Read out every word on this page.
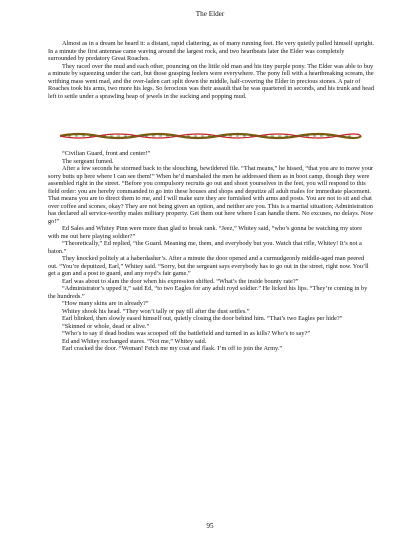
The Elder

Almost as in a dream he heard it: a distant, rapid clattering, as of many running feet. He very quietly pulled himself upright. In a minute the first antennae came waving around the largest rock, and two heartbeats later the Elder was completely surrounded by predatory Great Roaches.

They raced over the mud and each other, pouncing on the little old man and his tiny purple pony. The Elder was able to buy a minute by squeezing under the cart, but those grasping feelers were everywhere. The pony fell with a heartbreaking scream, the writhing mass went mad, and the over-laden cart split down the middle, half-covering the Elder in precious stones. A pair of Roaches took his arms, two more his legs. So ferocious was their assault that he was quartered in seconds, and his trunk and head left to settle under a sprawling heap of jewels in the sucking and popping mud.

“Civilian Guard, front and center!”

The sergeant fumed.

After a few seconds he stormed back to the slouching, bewildered file. “That means,” he hissed, “that you are to move your sorry butts up here where I can see them!” When he’d marshaled the men he addressed them as in boot camp, though they were assembled right in the street. “Before you compulsory recruits go out and shoot yourselves in the feet, you will respond to this field order: you are hereby commanded to go into these houses and shops and deputize all adult males for immediate placement. That means you are to direct them to me, and I will make sure they are furnished with arms and posts. You are not to sit and chat over coffee and scones, okay? They are not being given an option, and neither are you. This is a martial situation; Administration has declared all service-worthy males military property. Get them out here where I can handle them. No excuses, no delays. Now go!”

Ed Sales and Whitey Pinn were more than glad to break rank. “Jeez,” Whitey said, “who’s gonna be watching my store with me out here playing soldier?”

“Theoretically,” Ed replied, “the Guard. Meaning me, them, and everybody but you. Watch that rifle, Whitey! It’s not a baton.”

They knocked politely at a haberdasher’s. After a minute the door opened and a curmudgeonly middle-aged man peered out. “You’re deputized, Earl,” Whitey said. “Sorry, but the sergeant says everybody has to go out in the street, right now. You’ll get a gun and a post to guard, and any royd’s fair game.”

Earl was about to slam the door when his expression shifted. “What’s the inside bounty rate?”

“Administrator’s upped it,” said Ed, “to two Eagles for any adult royd soldier.” He licked his lips. “They’re coming in by the hundreds.”

“How many skins are in already?”

Whitey shook his head. “They won’t tally or pay till after the dust settles.”

Earl blinked, then slowly eased himself out, quietly closing the door behind him. “That’s two Eagles per hide?”

“Skinned or whole, dead or alive.”

“Who’s to say if dead bodies was scooped off the battlefield and turned in as kills? Who’s to say?”

Ed and Whitey exchanged stares. “Not me,” Whitey said.

Earl cracked the door. “Woman! Fetch me my coat and flask. I’m off to join the Army.”

95
